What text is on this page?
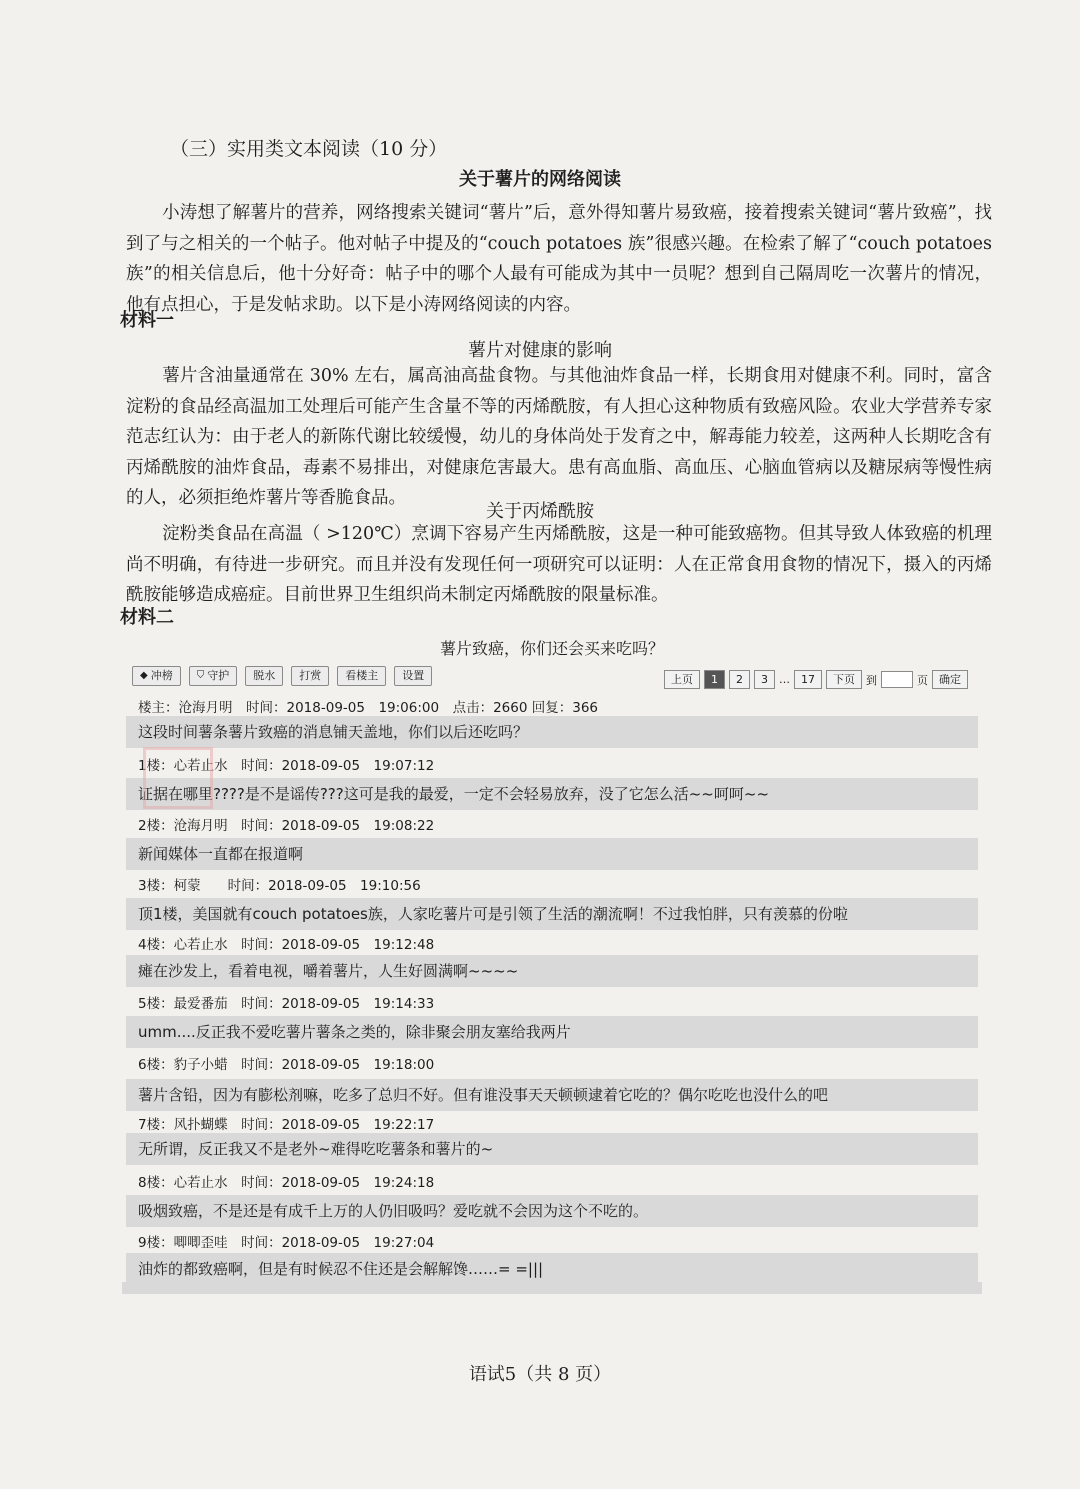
（三）实用类文本阅读（10 分）
关于薯片的网络阅读
小涛想了解薯片的营养，网络搜索关键词“薯片”后，意外得知薯片易致癌，接着搜索关键词“薯片致癌”，找到了与之相关的一个帖子。他对帖子中提及的“couch potatoes 族”很感兴趣。在检索了解了“couch potatoes 族”的相关信息后，他十分好奇：帖子中的哪个人最有可能成为其中一员呢？想到自己隔周吃一次薯片的情况，他有点担心，于是发帖求助。以下是小涛网络阅读的内容。
材料一
薯片对健康的影响
薯片含油量通常在 30% 左右，属高油高盐食物。与其他油炸食品一样，长期食用对健康不利。同时，富含淀粉的食品经高温加工处理后可能产生含量不等的丙烯酰胺，有人担心这种物质有致癌风险。农业大学营养专家范志红认为：由于老人的新陈代谢比较缓慢，幼儿的身体尚处于发育之中，解毒能力较差，这两种人长期吃含有丙烯酰胺的油炸食品，毒素不易排出，对健康危害最大。患有高血脂、高血压、心脑血管病以及糖尿病等慢性病的人，必须拒绝炸薯片等香脆食品。
关于丙烯酰胺
淀粉类食品在高温（ >120℃）烹调下容易产生丙烯酰胺，这是一种可能致癌物。但其导致人体致癌的机理尚不明确，有待进一步研究。而且并没有发现任何一项研究可以证明：人在正常食用食物的情况下，摄入的丙烯酰胺能够造成癌症。目前世界卫生组织尚未制定丙烯酰胺的限量标准。
材料二
薯片致癌，你们还会买来吃吗？
◆ 冲榜 ⛉ 守护	脱水	打赏	看楼主	设置	上页	1	2	3	…	17	下页	到	页	确定
楼主：沧海月明　时间：2018-09-05　19:06:00　点击：2660 回复：366
这段时间薯条薯片致癌的消息铺天盖地，你们以后还吃吗？
1楼：心若止水　时间：2018-09-05　19:07:12
证据在哪里????是不是谣传???这可是我的最爱，一定不会轻易放弃，没了它怎么活~~呵呵~~
2楼：沧海月明　时间：2018-09-05　19:08:22
新闻媒体一直都在报道啊
3楼：柯蒙　　时间：2018-09-05　19:10:56
顶1楼，美国就有couch potatoes族，人家吃薯片可是引领了生活的潮流啊！不过我怕胖，只有羡慕的份啦
4楼：心若止水　时间：2018-09-05　19:12:48
瘫在沙发上，看着电视，嚼着薯片，人生好圆满啊~~~~
5楼：最爱番茄　时间：2018-09-05　19:14:33
umm....反正我不爱吃薯片薯条之类的，除非聚会朋友塞给我两片
6楼：豹子小蜡　时间：2018-09-05　19:18:00
薯片含铅，因为有膨松剂嘛，吃多了总归不好。但有谁没事天天顿顿逮着它吃的？偶尔吃吃也没什么的吧
7楼：风扑蝴蝶　时间：2018-09-05　19:22:17
无所谓，反正我又不是老外~难得吃吃薯条和薯片的~
8楼：心若止水　时间：2018-09-05　19:24:18
吸烟致癌，不是还是有成千上万的人仍旧吸吗？爱吃就不会因为这个不吃的。
9楼：唧唧歪哇　时间：2018-09-05　19:27:04
油炸的都致癌啊，但是有时候忍不住还是会解解馋……= =|||
语试5（共 8 页）
